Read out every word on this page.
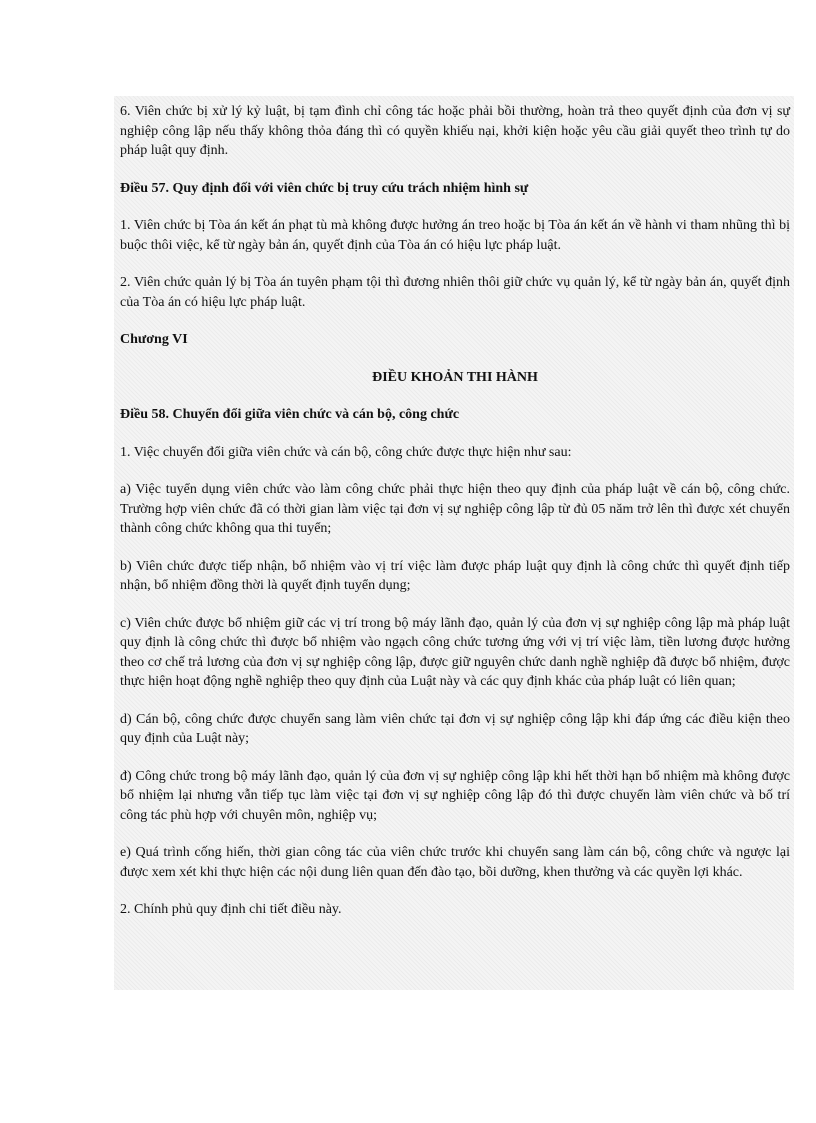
6. Viên chức bị xử lý kỷ luật, bị tạm đình chỉ công tác hoặc phải bồi thường, hoàn trả theo quyết định của đơn vị sự nghiệp công lập nếu thấy không thỏa đáng thì có quyền khiếu nại, khởi kiện hoặc yêu cầu giải quyết theo trình tự do pháp luật quy định.

Điều 57. Quy định đối với viên chức bị truy cứu trách nhiệm hình sự

1. Viên chức bị Tòa án kết án phạt tù mà không được hưởng án treo hoặc bị Tòa án kết án về hành vi tham nhũng thì bị buộc thôi việc, kể từ ngày bản án, quyết định của Tòa án có hiệu lực pháp luật.

2. Viên chức quản lý bị Tòa án tuyên phạm tội thì đương nhiên thôi giữ chức vụ quản lý, kể từ ngày bản án, quyết định của Tòa án có hiệu lực pháp luật.

Chương VI

ĐIỀU KHOẢN THI HÀNH

Điều 58. Chuyển đổi giữa viên chức và cán bộ, công chức

1. Việc chuyển đổi giữa viên chức và cán bộ, công chức được thực hiện như sau:

a) Việc tuyển dụng viên chức vào làm công chức phải thực hiện theo quy định của pháp luật về cán bộ, công chức. Trường hợp viên chức đã có thời gian làm việc tại đơn vị sự nghiệp công lập từ đủ 05 năm trở lên thì được xét chuyển thành công chức không qua thi tuyển;

b) Viên chức được tiếp nhận, bổ nhiệm vào vị trí việc làm được pháp luật quy định là công chức thì quyết định tiếp nhận, bổ nhiệm đồng thời là quyết định tuyển dụng;

c) Viên chức được bổ nhiệm giữ các vị trí trong bộ máy lãnh đạo, quản lý của đơn vị sự nghiệp công lập mà pháp luật quy định là công chức thì được bổ nhiệm vào ngạch công chức tương ứng với vị trí việc làm, tiền lương được hưởng theo cơ chế trả lương của đơn vị sự nghiệp công lập, được giữ nguyên chức danh nghề nghiệp đã được bổ nhiệm, được thực hiện hoạt động nghề nghiệp theo quy định của Luật này và các quy định khác của pháp luật có liên quan;

d) Cán bộ, công chức được chuyển sang làm viên chức tại đơn vị sự nghiệp công lập khi đáp ứng các điều kiện theo quy định của Luật này;

đ) Công chức trong bộ máy lãnh đạo, quản lý của đơn vị sự nghiệp công lập khi hết thời hạn bổ nhiệm mà không được bổ nhiệm lại nhưng vẫn tiếp tục làm việc tại đơn vị sự nghiệp công lập đó thì được chuyển làm viên chức và bố trí công tác phù hợp với chuyên môn, nghiệp vụ;

e) Quá trình cống hiến, thời gian công tác của viên chức trước khi chuyển sang làm cán bộ, công chức và ngược lại được xem xét khi thực hiện các nội dung liên quan đến đào tạo, bồi dưỡng, khen thưởng và các quyền lợi khác.

2. Chính phủ quy định chi tiết điều này.
